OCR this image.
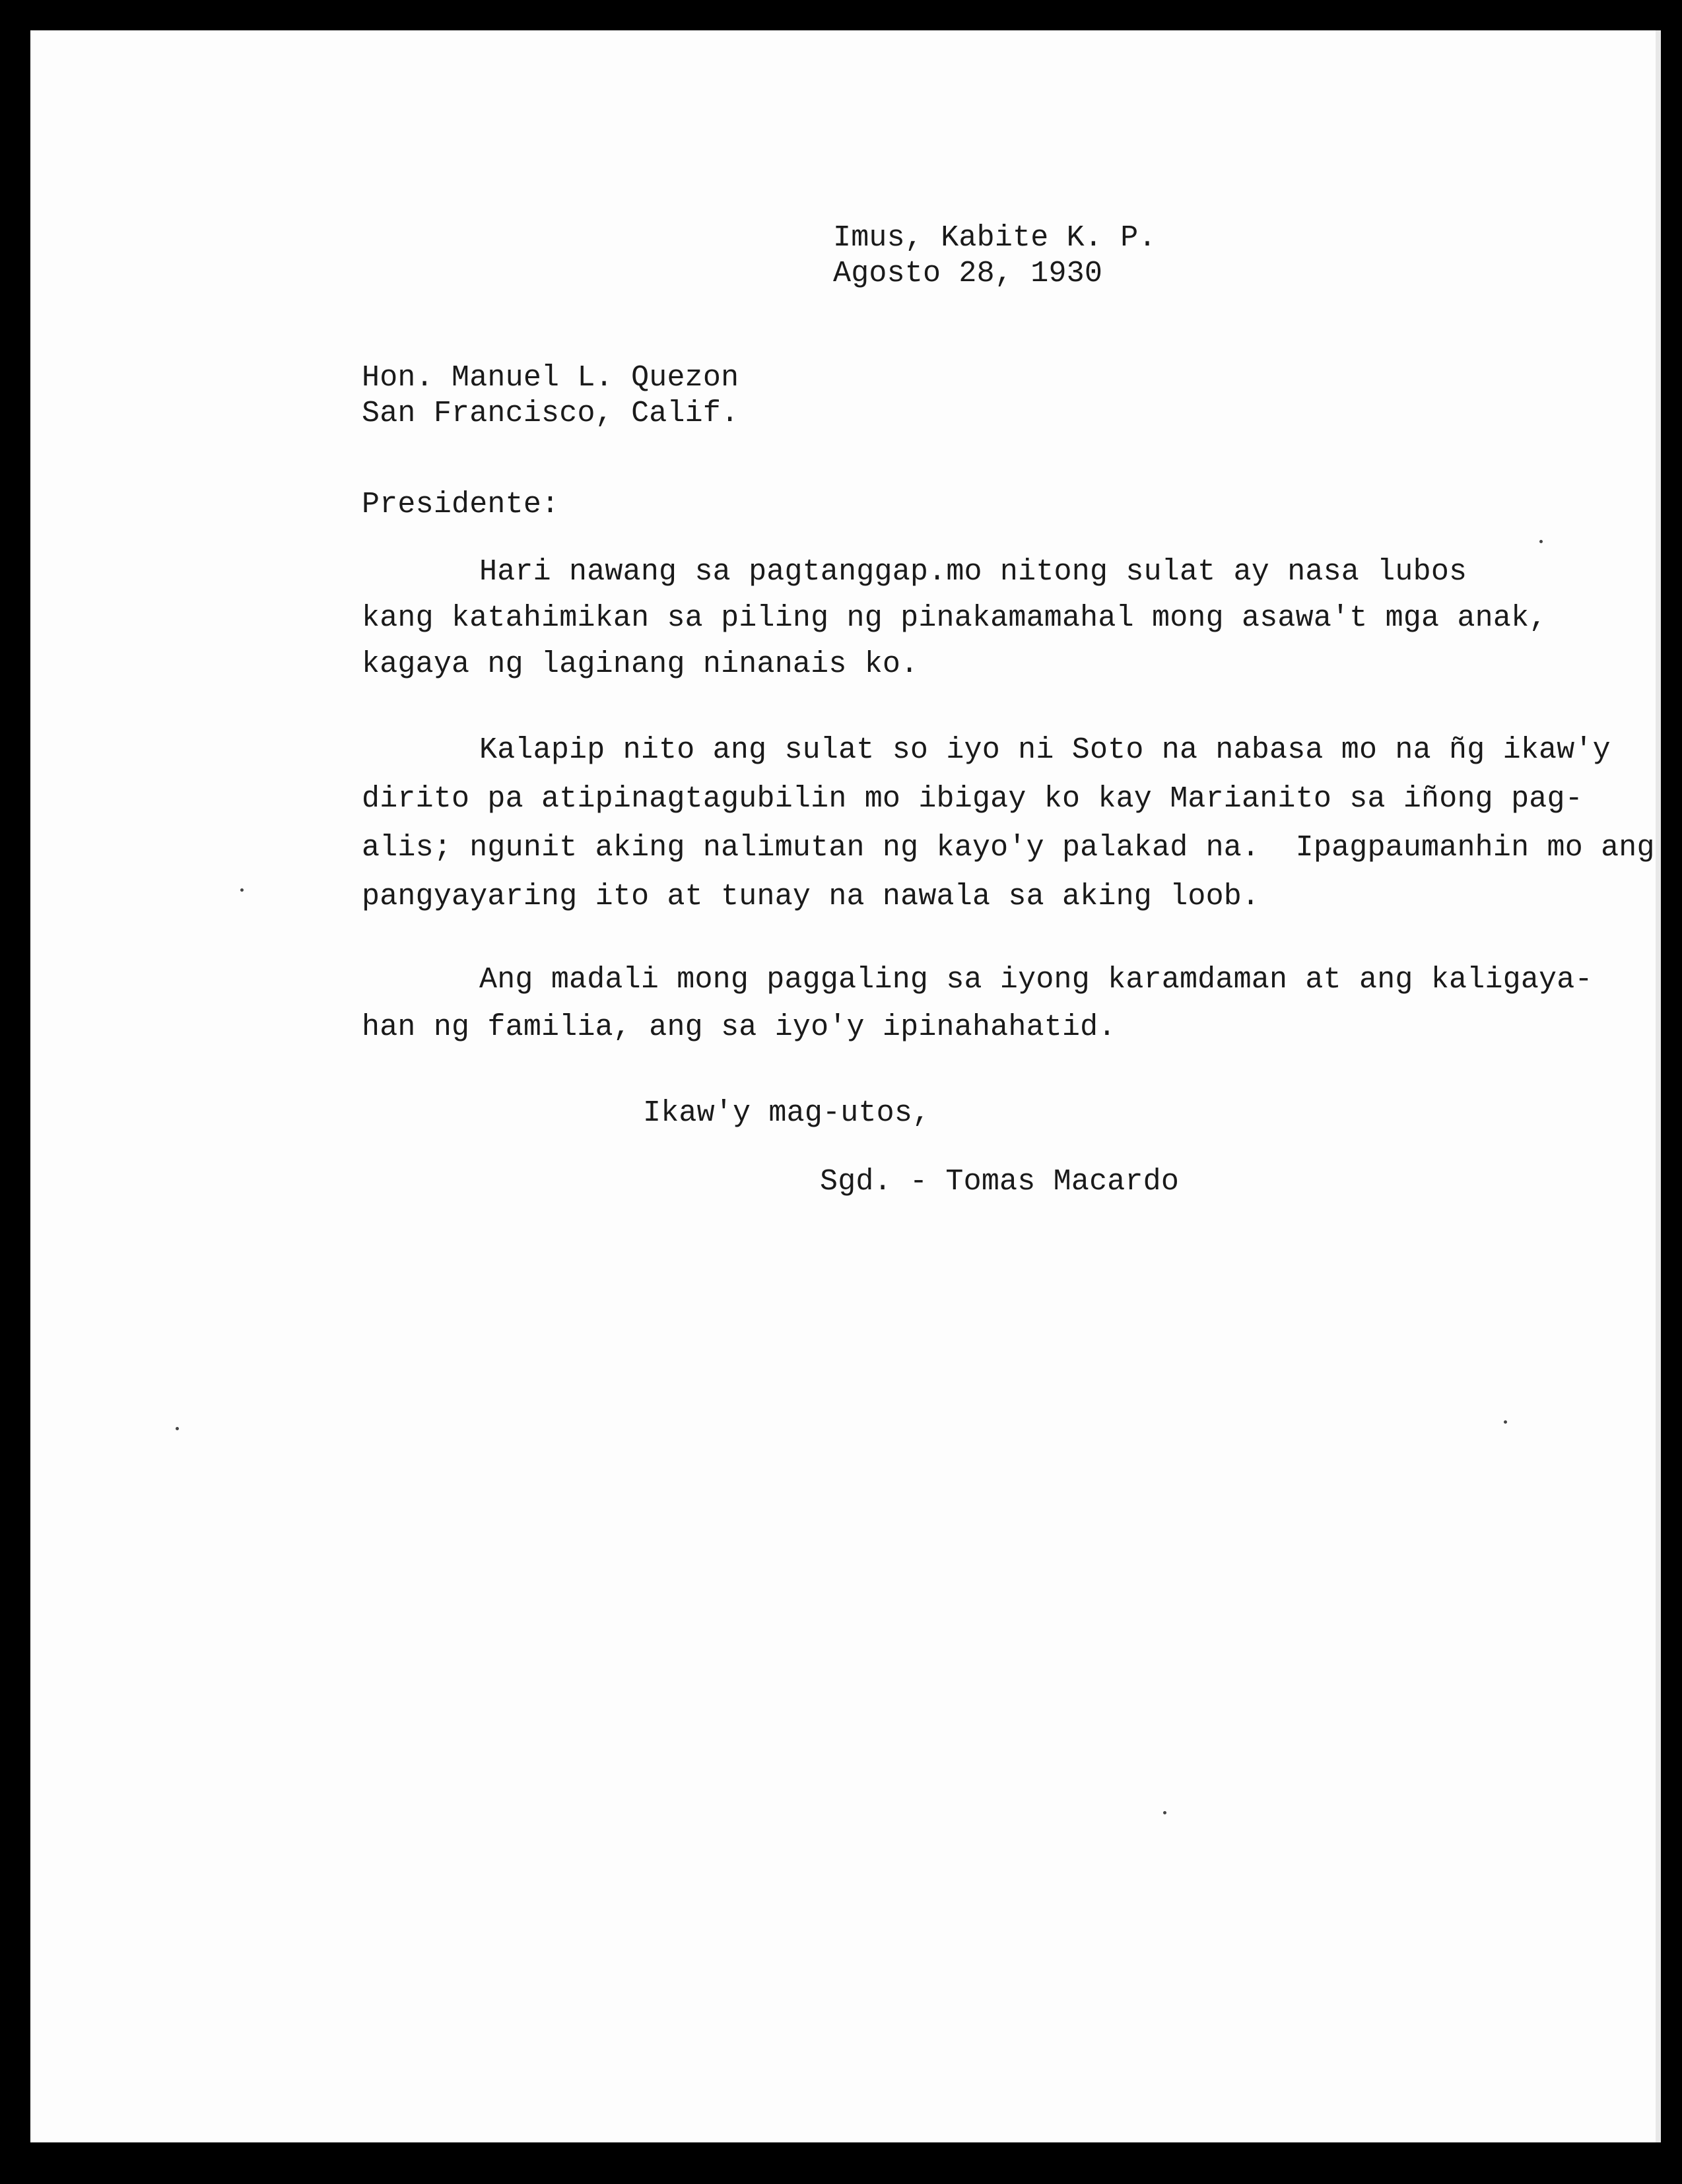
Imus, Kabite K. P.
Agosto 28, 1930
Hon. Manuel L. Quezon
San Francisco, Calif.
Presidente:
Hari nawang sa pagtanggap.mo nitong sulat ay nasa lubos
kang katahimikan sa piling ng pinakamamahal mong asawa't mga anak,
kagaya ng laginang ninanais ko.
Kalapip nito ang sulat so iyo ni Soto na nabasa mo na ñg ikaw'y
dirito pa atipinagtagubilin mo ibigay ko kay Marianito sa iñong pag-
alis; ngunit aking nalimutan ng kayo'y palakad na.  Ipagpaumanhin mo ang
pangyayaring ito at tunay na nawala sa aking loob.
Ang madali mong paggaling sa iyong karamdaman at ang kaligaya-
han ng familia, ang sa iyo'y ipinahahatid.
Ikaw'y mag-utos,
Sgd. - Tomas Macardo
